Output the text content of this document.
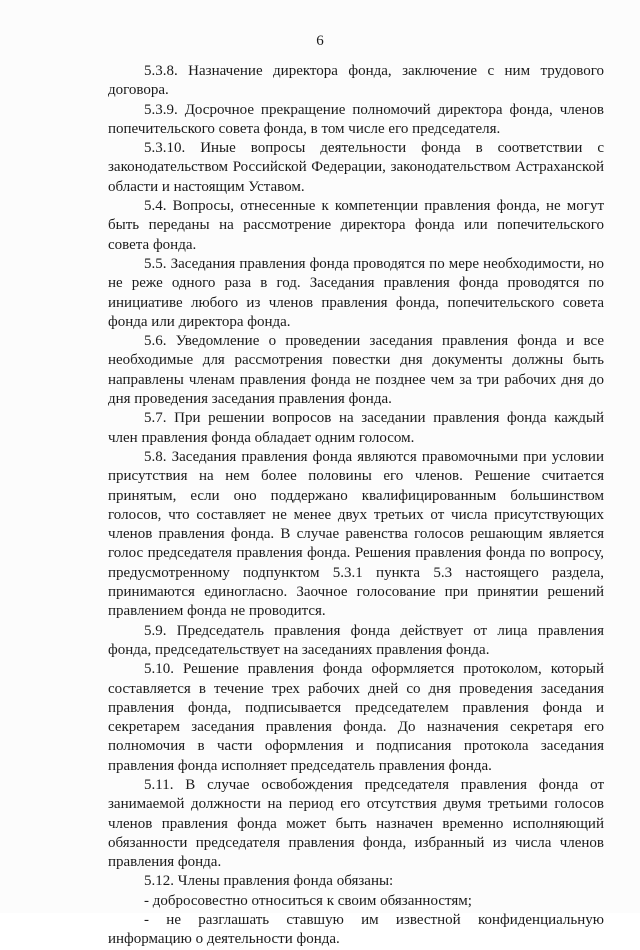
6

5.3.8. Назначение директора фонда, заключение с ним трудового договора.

5.3.9. Досрочное прекращение полномочий директора фонда, членов попечительского совета фонда, в том числе его председателя.

5.3.10. Иные вопросы деятельности фонда в соответствии с законодательством Российской Федерации, законодательством Астраханской области и настоящим Уставом.

5.4. Вопросы, отнесенные к компетенции правления фонда, не могут быть переданы на рассмотрение директора фонда или попечительского совета фонда.

5.5. Заседания правления фонда проводятся по мере необходимости, но не реже одного раза в год. Заседания правления фонда проводятся по инициативе любого из членов правления фонда, попечительского совета фонда или директора фонда.

5.6. Уведомление о проведении заседания правления фонда и все необходимые для рассмотрения повестки дня документы должны быть направлены членам правления фонда не позднее чем за три рабочих дня до дня проведения заседания правления фонда.

5.7. При решении вопросов на заседании правления фонда каждый член правления фонда обладает одним голосом.

5.8. Заседания правления фонда являются правомочными при условии присутствия на нем более половины его членов. Решение считается принятым, если оно поддержано квалифицированным большинством голосов, что составляет не менее двух третьих от числа присутствующих членов правления фонда. В случае равенства голосов решающим является голос председателя правления фонда. Решения правления фонда по вопросу, предусмотренному подпунктом 5.3.1 пункта 5.3 настоящего раздела, принимаются единогласно. Заочное голосование при принятии решений правлением фонда не проводится.

5.9. Председатель правления фонда действует от лица правления фонда, председательствует на заседаниях правления фонда.

5.10. Решение правления фонда оформляется протоколом, который составляется в течение трех рабочих дней со дня проведения заседания правления фонда, подписывается председателем правления фонда и секретарем заседания правления фонда. До назначения секретаря его полномочия в части оформления и подписания протокола заседания правления фонда исполняет председатель правления фонда.

5.11. В случае освобождения председателя правления фонда от занимаемой должности на период его отсутствия двумя третьими голосов членов правления фонда может быть назначен временно исполняющий обязанности председателя правления фонда, избранный из числа членов правления фонда.

5.12. Члены правления фонда обязаны:

- добросовестно относиться к своим обязанностям;

- не разглашать ставшую им известной конфиденциальную информацию о деятельности фонда.
